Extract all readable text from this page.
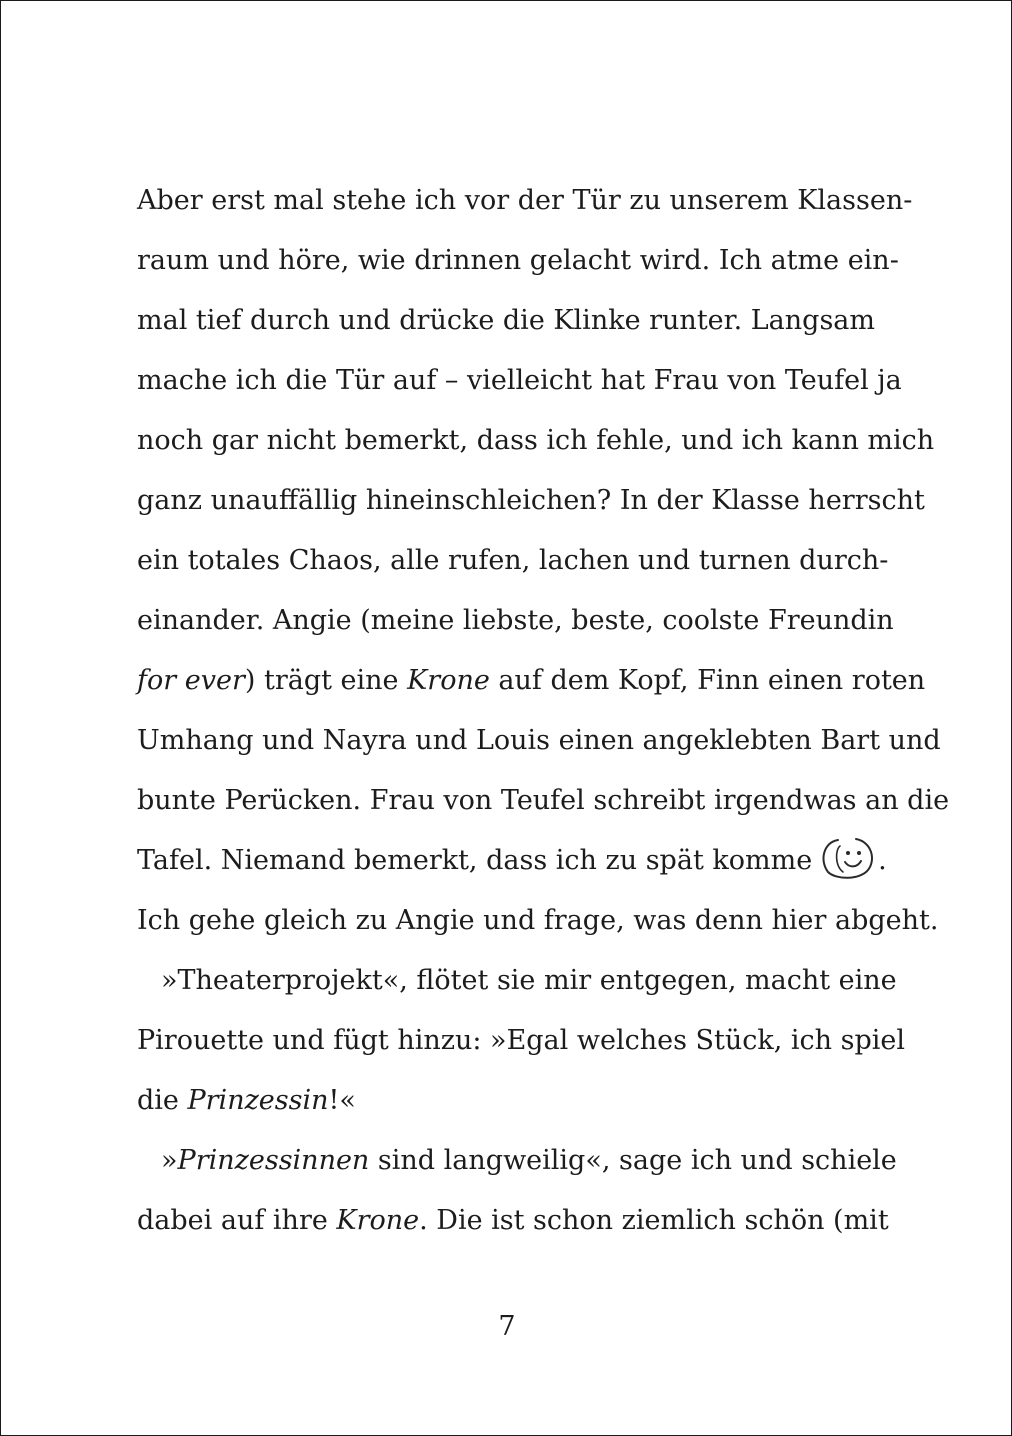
Aber erst mal stehe ich vor der Tür zu unserem Klassen-

raum und höre, wie drinnen gelacht wird. Ich atme ein-

mal tief durch und drücke die Klinke runter. Langsam

mache ich die Tür auf – vielleicht hat Frau von Teufel ja

noch gar nicht bemerkt, dass ich fehle, und ich kann mich

ganz unauffällig hineinschleichen? In der Klasse herrscht

ein totales Chaos, alle rufen, lachen und turnen durch-

einander. Angie (meine liebste, beste, coolste Freundin

for ever) trägt eine Krone auf dem Kopf, Finn einen roten

Umhang und Nayra und Louis einen angeklebten Bart und

bunte Perücken. Frau von Teufel schreibt irgendwas an die

Tafel. Niemand bemerkt, dass ich zu spät komme .

Ich gehe gleich zu Angie und frage, was denn hier abgeht.

»Theaterprojekt«, flötet sie mir entgegen, macht eine

Pirouette und fügt hinzu: »Egal welches Stück, ich spiel

die Prinzessin!«

»Prinzessinnen sind langweilig«, sage ich und schiele

dabei auf ihre Krone. Die ist schon ziemlich schön (mit

7
